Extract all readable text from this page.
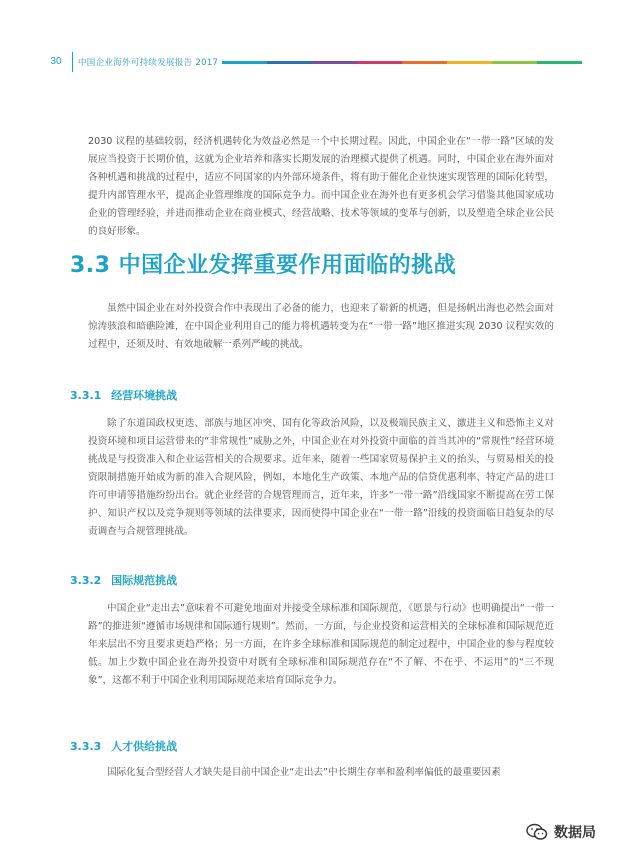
30	中国企业海外可持续发展报告 2017

2030 议程的基础较弱，经济机遇转化为效益必然是一个中长期过程。因此，中国企业在“一带一路”区域的发展应当投资于长期价值，这就为企业培养和落实长期发展的治理模式提供了机遇。同时，中国企业在海外面对各种机遇和挑战的过程中，适应不同国家的内外部环境条件，将有助于催化企业快速实现管理的国际化转型，提升内部管理水平，提高企业管理维度的国际竞争力。而中国企业在海外也有更多机会学习借鉴其他国家成功企业的管理经验，并进而推动企业在商业模式、经营战略、技术等领域的变革与创新，以及塑造全球企业公民的良好形象。

3.3 中国企业发挥重要作用面临的挑战

虽然中国企业在对外投资合作中表现出了必备的能力，也迎来了崭新的机遇，但是扬帆出海也必然会面对惊涛骇浪和暗礁险滩，在中国企业利用自己的能力将机遇转变为在“一带一路”地区推进实现 2030 议程实效的过程中，还须及时、有效地破解一系列严峻的挑战。

3.3.1 经营环境挑战

除了东道国政权更迭、部族与地区冲突、国有化等政治风险，以及极端民族主义、激进主义和恐怖主义对投资环境和项目运营带来的“非常规性”威胁之外，中国企业在对外投资中面临的首当其冲的“常规性”经营环境挑战是与投资准入和企业运营相关的合规要求。近年来，随着一些国家贸易保护主义的抬头，与贸易相关的投资限制措施开始成为新的准入合规风险，例如，本地化生产政策、本地产品的信贷优惠利率、特定产品的进口许可申请等措施纷纷出台。就企业经营的合规管理而言，近年来，许多“一带一路”沿线国家不断提高在劳工保护、知识产权以及竞争规则等领域的法律要求，因而使得中国企业在“一带一路”沿线的投资面临日趋复杂的尽责调查与合规管理挑战。

3.3.2 国际规范挑战

中国企业“走出去”意味着不可避免地面对并接受全球标准和国际规范，《愿景与行动》也明确提出“一带一路”的推进须“遵循市场规律和国际通行规则”。然而，一方面，与企业投资和运营相关的全球标准和国际规范近年来层出不穷且要求更趋严格；另一方面，在许多全球标准和国际规范的制定过程中，中国企业的参与程度较低。加上少数中国企业在海外投资中对既有全球标准和国际规范存在“不了解、不在乎、不运用”的“三不现象”，这都不利于中国企业利用国际规范来培育国际竞争力。

3.3.3 人才供给挑战

国际化复合型经营人才缺失是目前中国企业“走出去”中长期生存率和盈利率偏低的最重要因素

数据局
